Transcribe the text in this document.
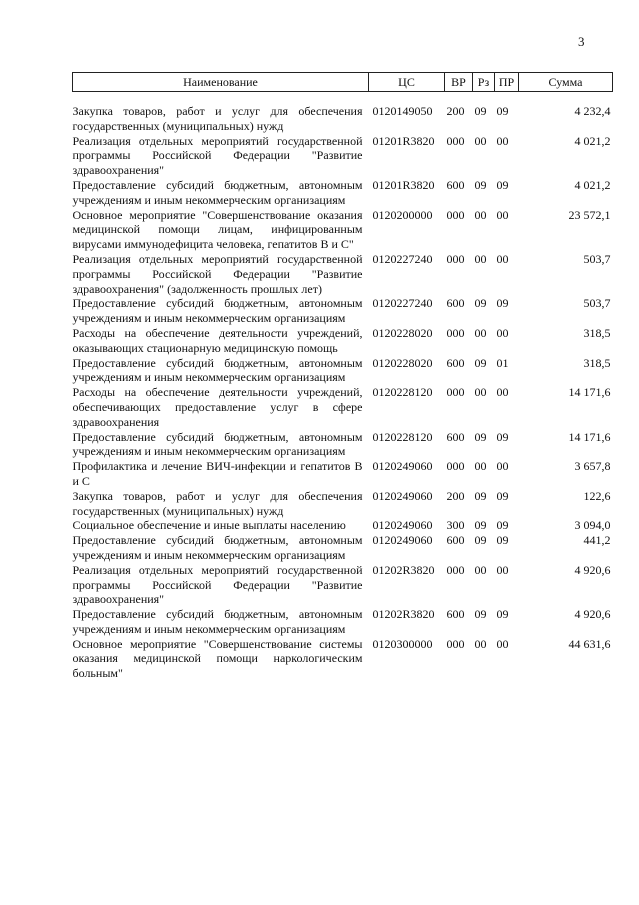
3
Наименование	ЦС	ВР	Рз	ПР	Сумма
Закупка товаров, работ и услуг для обеспечения государственных (муниципальных) нужд	0120149050	200	09	09	4 232,4
Реализация отдельных мероприятий государственной программы Российской Федерации "Развитие здравоохранения"	01201R3820	000	00	00	4 021,2
Предоставление субсидий бюджетным, автономным учреждениям и иным некоммерческим организациям	01201R3820	600	09	09	4 021,2
Основное мероприятие "Совершенствование оказания медицинской помощи лицам, инфицированным вирусами иммунодефицита человека, гепатитов В и С"	0120200000	000	00	00	23 572,1
Реализация отдельных мероприятий государственной программы Российской Федерации "Развитие здравоохранения" (задолженность прошлых лет)	0120227240	000	00	00	503,7
Предоставление субсидий бюджетным, автономным учреждениям и иным некоммерческим организациям	0120227240	600	09	09	503,7
Расходы на обеспечение деятельности учреждений, оказывающих стационарную медицинскую помощь	0120228020	000	00	00	318,5
Предоставление субсидий бюджетным, автономным учреждениям и иным некоммерческим организациям	0120228020	600	09	01	318,5
Расходы на обеспечение деятельности учреждений, обеспечивающих предоставление услуг в сфере здравоохранения	0120228120	000	00	00	14 171,6
Предоставление субсидий бюджетным, автономным учреждениям и иным некоммерческим организациям	0120228120	600	09	09	14 171,6
Профилактика и лечение ВИЧ-инфекции и гепатитов В и С	0120249060	000	00	00	3 657,8
Закупка товаров, работ и услуг для обеспечения государственных (муниципальных) нужд	0120249060	200	09	09	122,6
Социальное обеспечение и иные выплаты населению	0120249060	300	09	09	3 094,0
Предоставление субсидий бюджетным, автономным учреждениям и иным некоммерческим организациям	0120249060	600	09	09	441,2
Реализация отдельных мероприятий государственной программы Российской Федерации "Развитие здравоохранения"	01202R3820	000	00	00	4 920,6
Предоставление субсидий бюджетным, автономным учреждениям и иным некоммерческим организациям	01202R3820	600	09	09	4 920,6
Основное мероприятие "Совершенствование системы оказания медицинской помощи наркологическим больным"	0120300000	000	00	00	44 631,6
